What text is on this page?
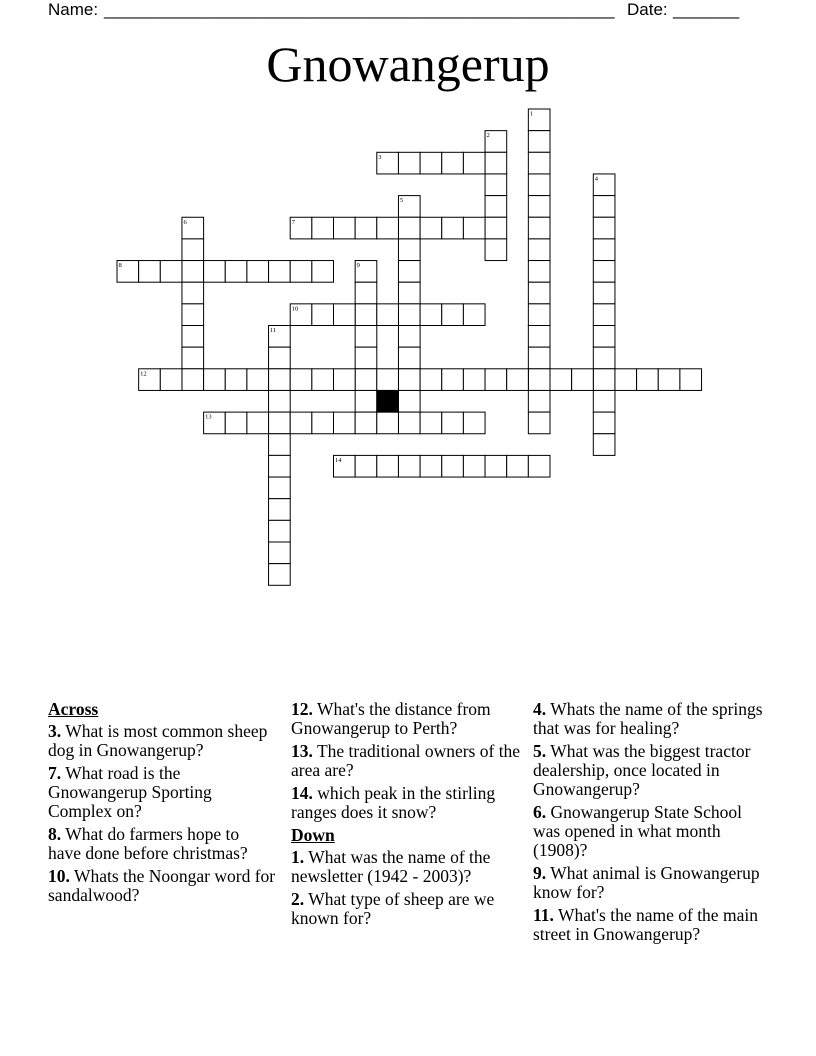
Name: ______________________________________________________ Date: _______
Gnowangerup
1
2
3
4
5
6	7
8	9
10
11
12
13
14
Across
3. What is most common sheep dog in Gnowangerup?
7. What road is the Gnowangerup Sporting Complex on?
8. What do farmers hope to have done before christmas?
10. Whats the Noongar word for sandalwood?
12. What's the distance from Gnowangerup to Perth?
13. The traditional owners of the area are?
14. which peak in the stirling ranges does it snow?
Down
1. What was the name of the newsletter (1942 - 2003)?
2. What type of sheep are we known for?
4. Whats the name of the springs that was for healing?
5. What was the biggest tractor dealership, once located in Gnowangerup?
6. Gnowangerup State School was opened in what month (1908)?
9. What animal is Gnowangerup know for?
11. What's the name of the main street in Gnowangerup?
